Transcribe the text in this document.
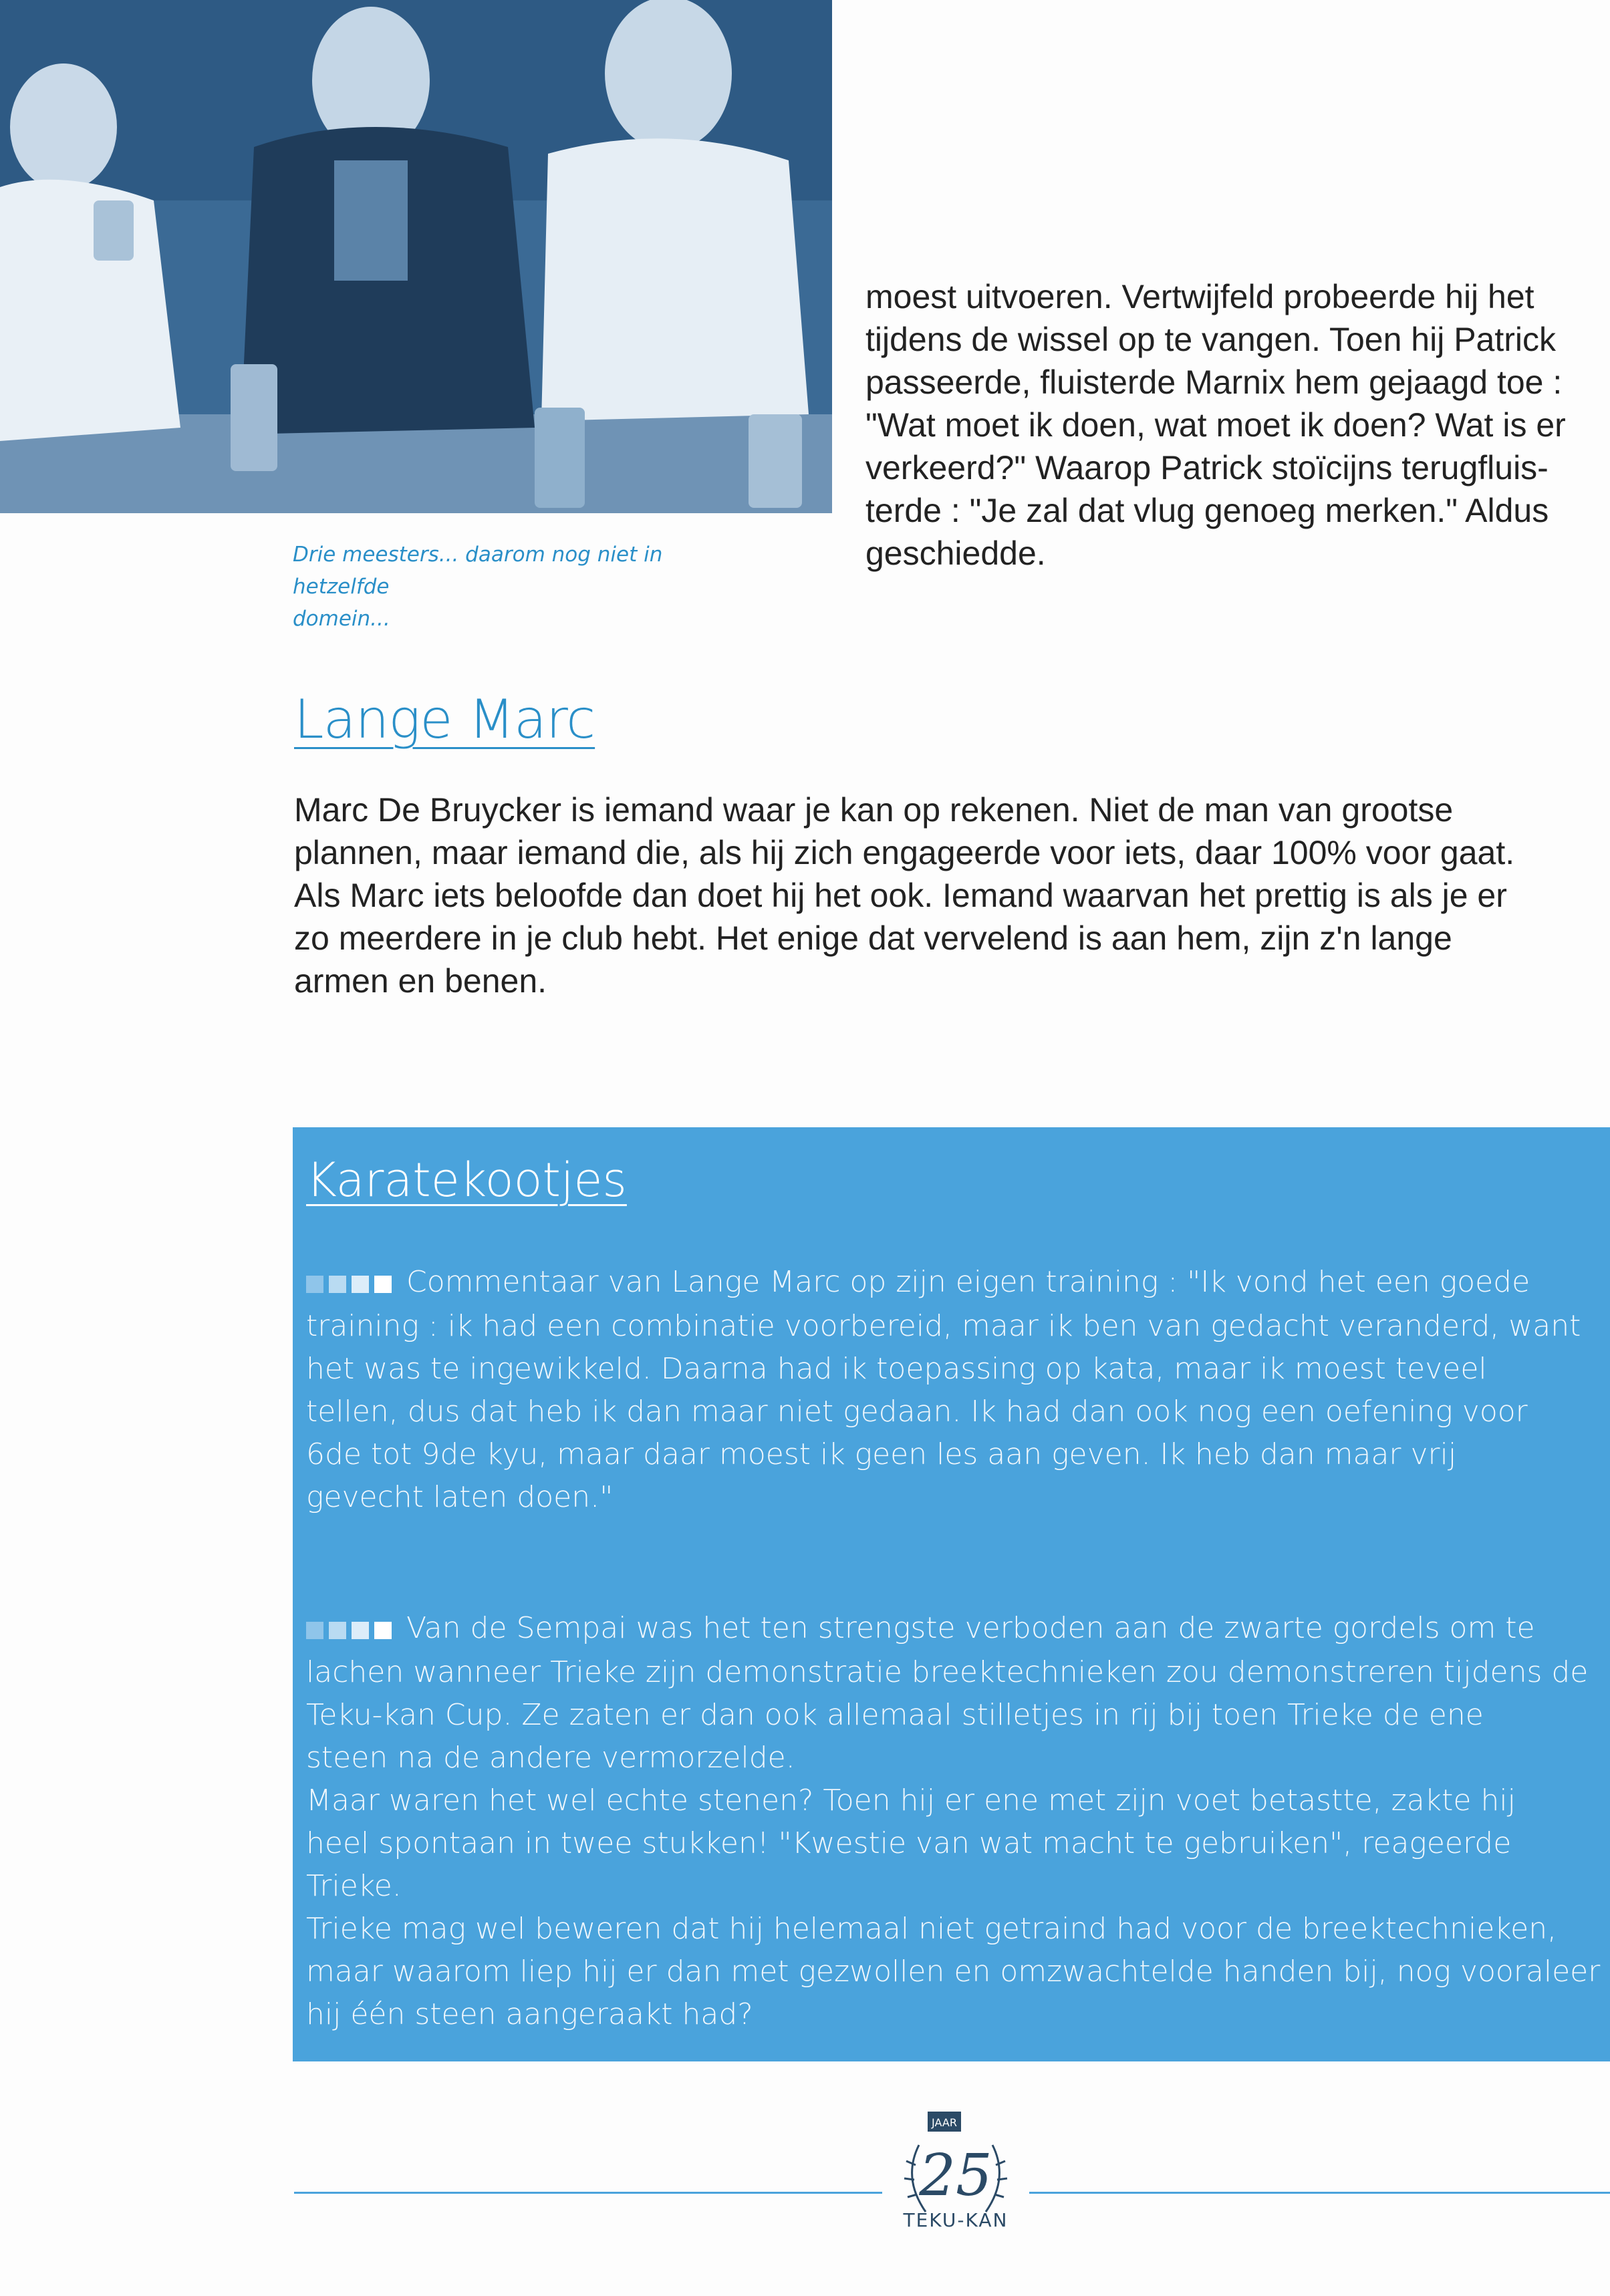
Drie meesters... daarom nog niet in hetzelfde
domein...
moest uitvoeren. Vertwijfeld probeerde hij het
tijdens de wissel op te vangen. Toen hij Patrick
passeerde, fluisterde Marnix hem gejaagd toe :
"Wat moet ik doen, wat moet ik doen? Wat is er
verkeerd?" Waarop Patrick stoïcijns terugfluis-
terde : "Je zal dat vlug genoeg merken." Aldus
geschiedde.
Lange Marc
Marc De Bruycker is iemand waar je kan op rekenen. Niet de man van grootse
plannen, maar iemand die, als hij zich engageerde voor iets, daar 100% voor gaat.
Als Marc iets beloofde dan doet hij het ook. Iemand waarvan het prettig is als je er
zo meerdere in je club hebt. Het enige dat vervelend is aan hem, zijn z'n lange
armen en benen.
Karatekootjes
Commentaar van Lange Marc op zijn eigen training : "Ik vond het een goede
training : ik had een combinatie voorbereid, maar ik ben van gedacht veranderd, want
het was te ingewikkeld. Daarna had ik toepassing op kata, maar ik moest teveel
tellen, dus dat heb ik dan maar niet gedaan. Ik had dan ook nog een oefening voor
6de tot 9de kyu, maar daar moest ik geen les aan geven. Ik heb dan maar vrij
gevecht laten doen."
Van de Sempai was het ten strengste verboden aan de zwarte gordels om te
lachen wanneer Trieke zijn demonstratie breektechnieken zou demonstreren tijdens de
Teku-kan Cup. Ze zaten er dan ook allemaal stilletjes in rij bij toen Trieke de ene
steen na de andere vermorzelde.
Maar waren het wel echte stenen? Toen hij er ene met zijn voet betastte, zakte hij
heel spontaan in twee stukken! "Kwestie van wat macht te gebruiken", reageerde
Trieke.
Trieke mag wel beweren dat hij helemaal niet getraind had voor de breektechnieken,
maar waarom liep hij er dan met gezwollen en omzwachtelde handen bij, nog vooraleer
hij één steen aangeraakt had?
JAAR
25
TEKU-KAN
